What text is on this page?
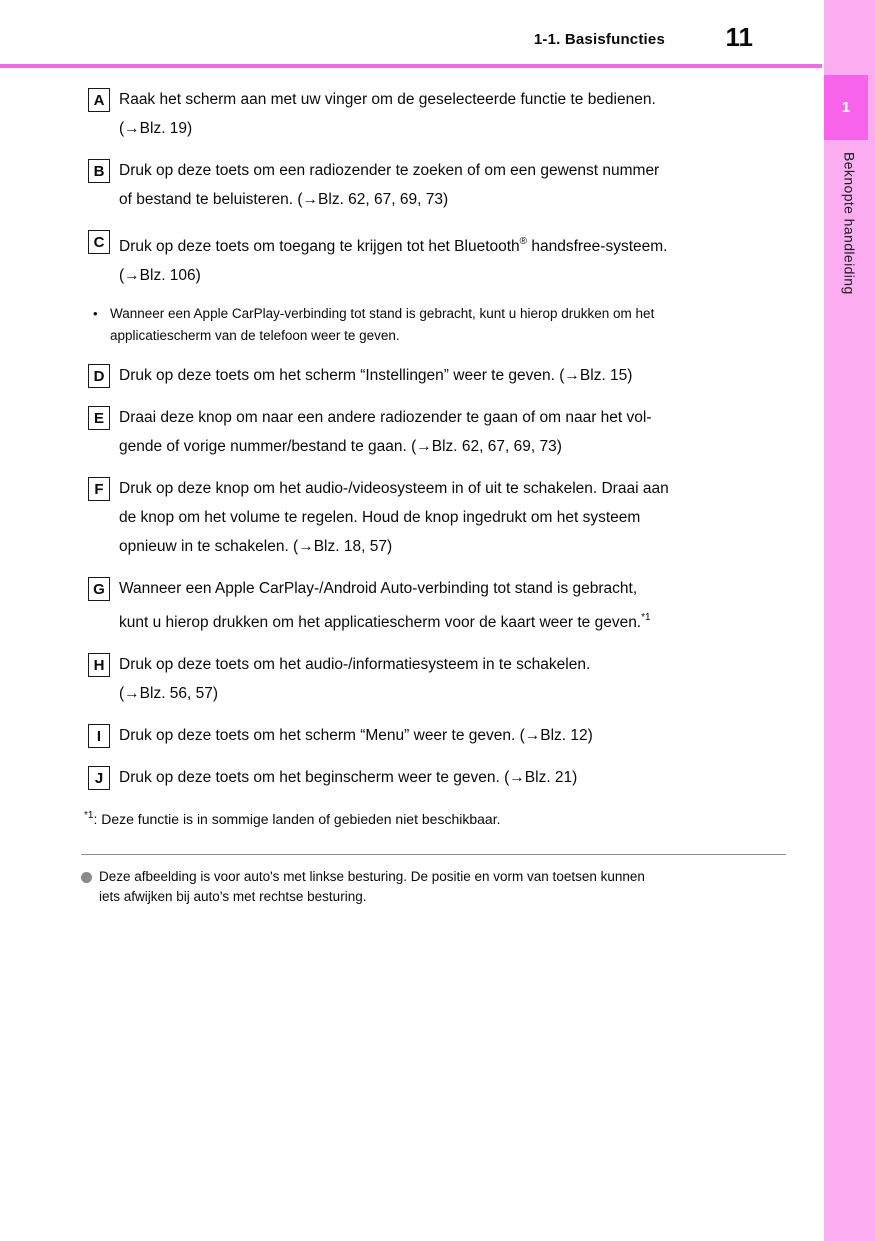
1-1. Basisfuncties 11
1
Beknopte handleiding
A Raak het scherm aan met uw vinger om de geselecteerde functie te bedienen.
(→Blz. 19)
B Druk op deze toets om een radiozender te zoeken of om een gewenst nummer
of bestand te beluisteren. (→Blz. 62, 67, 69, 73)
C Druk op deze toets om toegang te krijgen tot het Bluetooth® handsfree-systeem.
(→Blz. 106)
• Wanneer een Apple CarPlay-verbinding tot stand is gebracht, kunt u hierop drukken om het
applicatiescherm van de telefoon weer te geven.
D Druk op deze toets om het scherm “Instellingen” weer te geven. (→Blz. 15)
E Draai deze knop om naar een andere radiozender te gaan of om naar het vol-
gende of vorige nummer/bestand te gaan. (→Blz. 62, 67, 69, 73)
F Druk op deze knop om het audio-/videosysteem in of uit te schakelen. Draai aan
de knop om het volume te regelen. Houd de knop ingedrukt om het systeem
opnieuw in te schakelen. (→Blz. 18, 57)
G Wanneer een Apple CarPlay-/Android Auto-verbinding tot stand is gebracht,
kunt u hierop drukken om het applicatiescherm voor de kaart weer te geven.$^{*1}$
H Druk op deze toets om het audio-/informatiesysteem in te schakelen.
(→Blz. 56, 57)
I	Druk op deze toets om het scherm “Menu” weer te geven. (→Blz. 12)
J	Druk op deze toets om het beginscherm weer te geven. (→Blz. 21)
$^{*1}$: Deze functie is in sommige landen of gebieden niet beschikbaar.
Deze afbeelding is voor auto's met linkse besturing. De positie en vorm van toetsen kunnen
iets afwijken bij auto's met rechtse besturing.
